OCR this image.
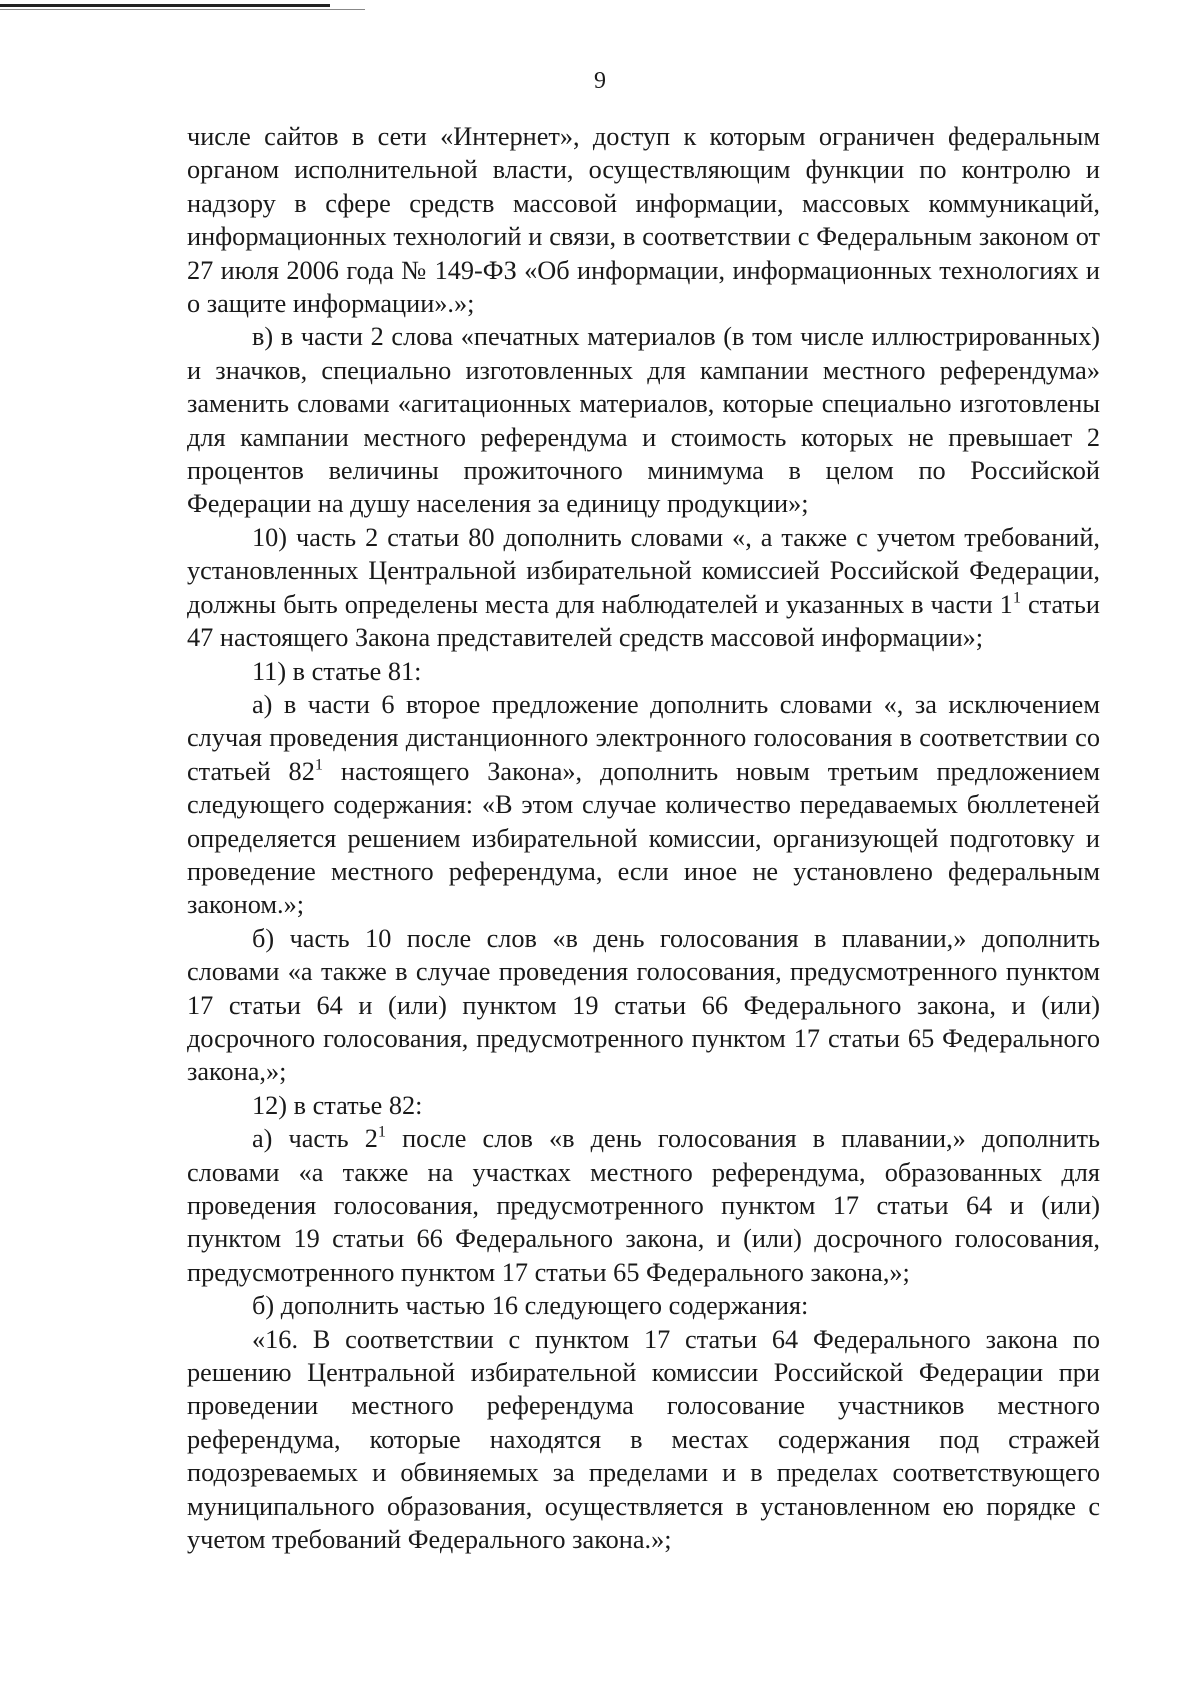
9

числе сайтов в сети «Интернет», доступ к которым ограничен федеральным органом исполнительной власти, осуществляющим функции по контролю и надзору в сфере средств массовой информации, массовых коммуникаций, информационных технологий и связи, в соответствии с Федеральным законом от 27 июля 2006 года № 149-ФЗ «Об информации, информационных технологиях и о защите информации».»;

в) в части 2 слова «печатных материалов (в том числе иллюстрированных) и значков, специально изготовленных для кампании местного референдума» заменить словами «агитационных материалов, которые специально изготовлены для кампании местного референдума и стоимость которых не превышает 2 процентов величины прожиточного минимума в целом по Российской Федерации на душу населения за единицу продукции»;

10) часть 2 статьи 80 дополнить словами «, а также с учетом требований, установленных Центральной избирательной комиссией Российской Федерации, должны быть определены места для наблюдателей и указанных в части $1^1$ статьи 47 настоящего Закона представителей средств массовой информации»;

11) в статье 81:

а) в части 6 второе предложение дополнить словами «, за исключением случая проведения дистанционного электронного голосования в соответствии со статьей $82^1$ настоящего Закона», дополнить новым третьим предложением следующего содержания: «В этом случае количество передаваемых бюллетеней определяется решением избирательной комиссии, организующей подготовку и проведение местного референдума, если иное не установлено федеральным законом.»;

б) часть 10 после слов «в день голосования в плавании,» дополнить словами «а также в случае проведения голосования, предусмотренного пунктом 17 статьи 64 и (или) пунктом 19 статьи 66 Федерального закона, и (или) досрочного голосования, предусмотренного пунктом 17 статьи 65 Федерального закона,»;

12) в статье 82:

а) часть $2^1$ после слов «в день голосования в плавании,» дополнить словами «а также на участках местного референдума, образованных для проведения голосования, предусмотренного пунктом 17 статьи 64 и (или) пунктом 19 статьи 66 Федерального закона, и (или) досрочного голосования, предусмотренного пунктом 17 статьи 65 Федерального закона,»;

б) дополнить частью 16 следующего содержания:

«16. В соответствии с пунктом 17 статьи 64 Федерального закона по решению Центральной избирательной комиссии Российской Федерации при проведении местного референдума голосование участников местного референдума, которые находятся в местах содержания под стражей подозреваемых и обвиняемых за пределами и в пределах соответствующего муниципального образования, осуществляется в установленном ею порядке с учетом требований Федерального закона.»;
